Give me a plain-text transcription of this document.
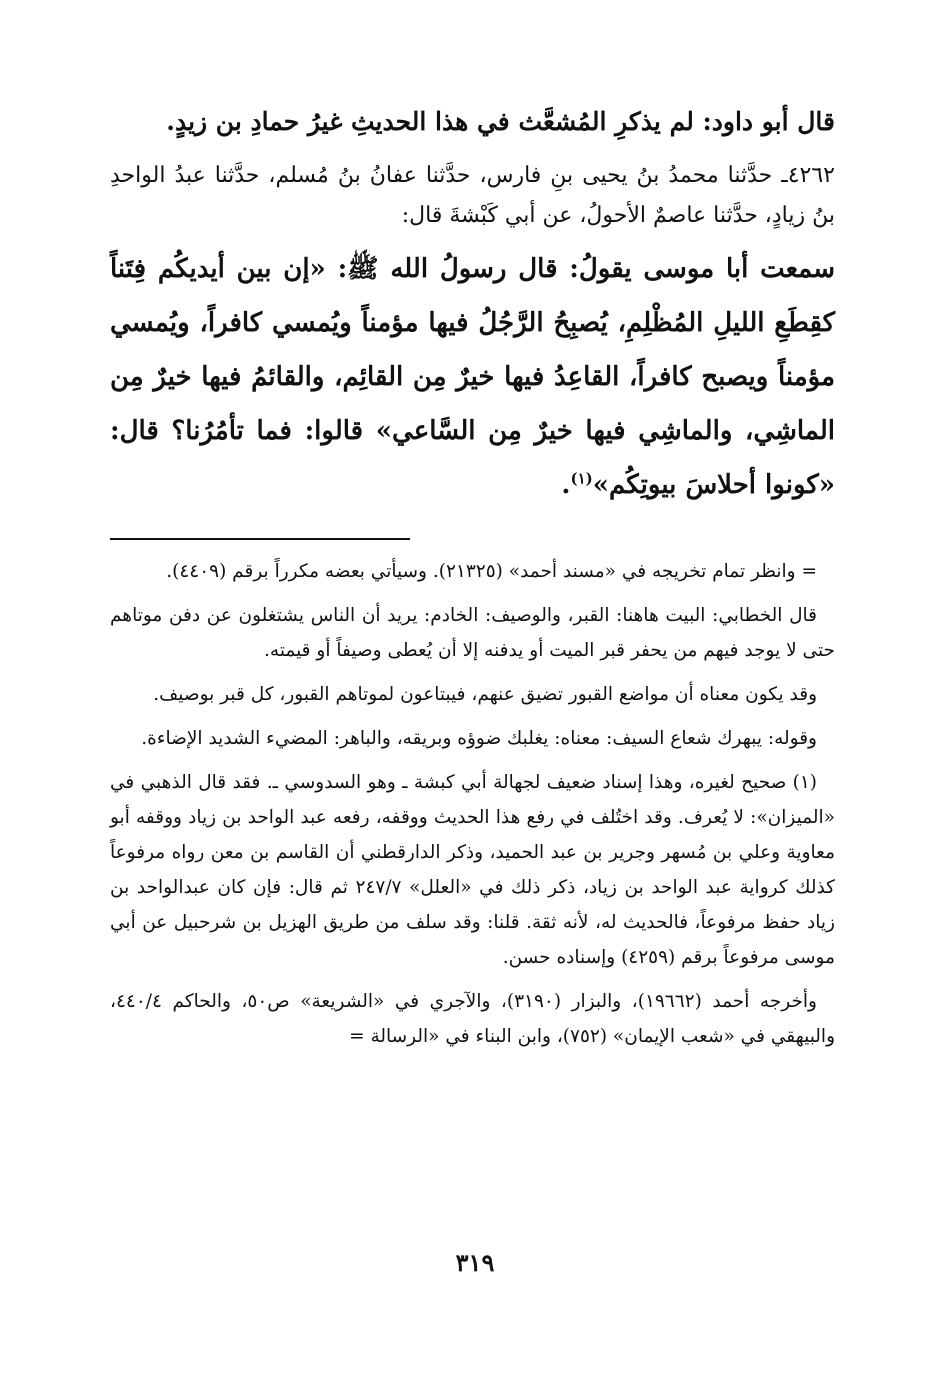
قال أبو داود: لم يذكرِ المُشعَّث في هذا الحديثِ غيرُ حمادِ بن زيدٍ.

٤٢٦٢ـ حدَّثنا محمدُ بنُ يحيى بنِ فارس، حدَّثنا عفانُ بنُ مُسلم، حدَّثنا عبدُ الواحدِ بنُ زيادٍ، حدَّثنا عاصمٌ الأحولُ، عن أبي كَبْشةَ قال:

سمعت أبا موسى يقولُ: قال رسولُ الله ﷺ: «إن بين أيديكُم فِتَناً كقِطَعِ الليلِ المُظْلِمِ، يُصبِحُ الرَّجُلُ فيها مؤمناً ويُمسي كافراً، ويُمسي مؤمناً ويصبح كافراً، القاعِدُ فيها خيرٌ مِن القائِم، والقائمُ فيها خيرٌ مِن الماشِي، والماشِي فيها خيرٌ مِن السَّاعي» قالوا: فما تأمُرُنا؟ قال: «كونوا أحلاسَ بيوتِكُم»$^{(١)}$.

= وانظر تمام تخريجه في «مسند أحمد» (٢١٣٢٥). وسيأتي بعضه مكرراً برقم (٤٤٠٩).

قال الخطابي: البيت هاهنا: القبر، والوصيف: الخادم: يريد أن الناس يشتغلون عن دفن موتاهم حتى لا يوجد فيهم من يحفر قبر الميت أو يدفنه إلا أن يُعطى وصيفاً أو قيمته.

وقد يكون معناه أن مواضع القبور تضيق عنهم، فيبتاعون لموتاهم القبور، كل قبر بوصيف.

وقوله: يبهرك شعاع السيف: معناه: يغلبك ضوؤه وبريقه، والباهر: المضيء الشديد الإضاءة.

(١) صحيح لغيره، وهذا إسناد ضعيف لجهالة أبي كبشة ـ وهو السدوسي ـ. فقد قال الذهبي في «الميزان»: لا يُعرف. وقد اختُلف في رفع هذا الحديث ووقفه، رفعه عبد الواحد بن زياد ووقفه أبو معاوية وعلي بن مُسهر وجرير بن عبد الحميد، وذكر الدارقطني أن القاسم بن معن رواه مرفوعاً كذلك كرواية عبد الواحد بن زياد، ذكر ذلك في «العلل» ٢٤٧/٧ ثم قال: فإن كان عبدالواحد بن زياد حفظ مرفوعاً، فالحديث له، لأنه ثقة. قلنا: وقد سلف من طريق الهزيل بن شرحبيل عن أبي موسى مرفوعاً برقم (٤٢٥٩) وإسناده حسن.

وأخرجه أحمد (١٩٦٦٢)، والبزار (٣١٩٠)، والآجري في «الشريعة» ص٥٠، والحاكم ٤٤٠/٤، والبيهقي في «شعب الإيمان» (٧٥٢)، وابن البناء في «الرسالة =

٣١٩
